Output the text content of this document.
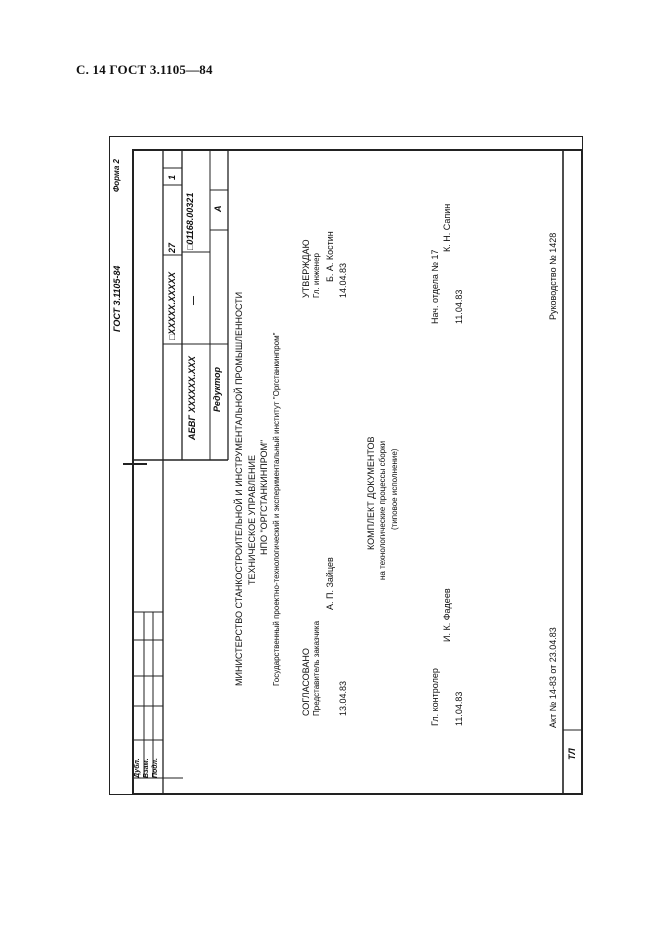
С. 14 ГОСТ 3.1105—84
ГОСТ 3.1105-84
Форма 2
□XXXXX.XXXXX
27
1
—
АБВГ XXXXXX.XXX Редуктор
□01168.00321 А
Дубл. Взам. Подл.
МИНИСТЕРСТВО СТАНКОСТРОИТЕЛЬНОЙ И ИНСТРУМЕНТАЛЬНОЙ ПРОМЫШЛЕННОСТИ ТЕХНИЧЕСКОЕ УПРАВЛЕНИЕ НПО "ОРГСТАНКИНПРОМ" Государственный проектно-технологический и экспериментальный институт "Оргстанкинпром" СОГЛАСОВАНО Представитель заказчика
А. П. Зайцев
13.04.83
УТВЕРЖДАЮ Гл. инженер Б. А. Костин 14.04.83
КОМПЛЕКТ ДОКУМЕНТОВ на технологические процессы сборки (типовое исполнение)
Гл. контролер
И. К. Фадеев
11.04.83
Нач. отдела № 17
К. Н. Сапин
11.04.83
Акт № 14-83 от 23.04.83
Руководство № 1428
ТЛ
